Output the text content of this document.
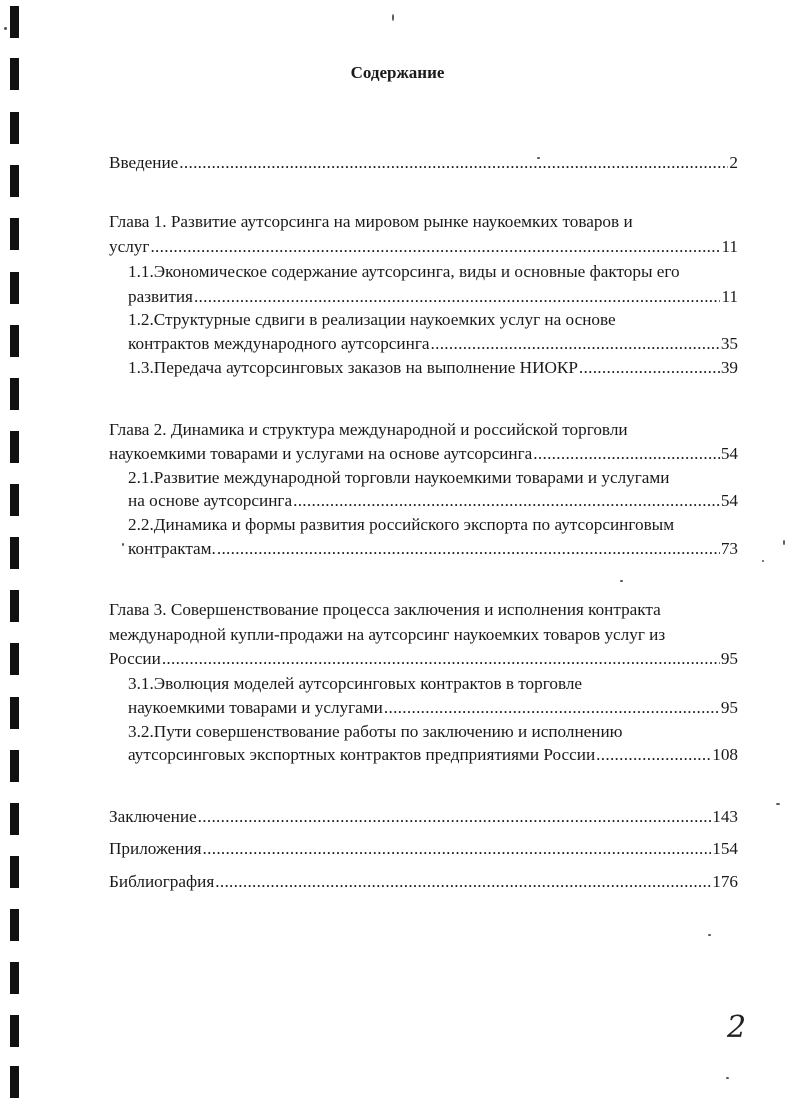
Содержание
Введение .....	2
Глава 1. Развитие аутсорсинга на мировом рынке наукоемких товаров и
услуг .....	11
1.1.Экономическое содержание аутсорсинга, виды и основные факторы его
развития .....	11
1.2.Структурные сдвиги в реализации наукоемких услуг на основе
контрактов международного аутсорсинга .....	35
1.3.Передача аутсорсинговых заказов на выполнение НИОКР .....	39
Глава 2. Динамика и структура международной и российской торговли
наукоемкими товарами и услугами на основе аутсорсинга .....	54
2.1.Развитие международной торговли наукоемкими товарами и услугами
на основе аутсорсинга .....	54
2.2.Динамика и формы развития российского экспорта по аутсорсинговым
контрактам. .....	73
Глава 3. Совершенствование процесса заключения и исполнения контракта
международной купли-продажи на аутсорсинг наукоемких товаров услуг из
России .....	95
3.1.Эволюция моделей аутсорсинговых контрактов в торговле
наукоемкими товарами и услугами .....	95
3.2.Пути совершенствование работы по заключению и исполнению
аутсорсинговых экспортных контрактов предприятиями России .....	108
Заключение .....	143
Приложения .....	154
Библиография .....	176
2
